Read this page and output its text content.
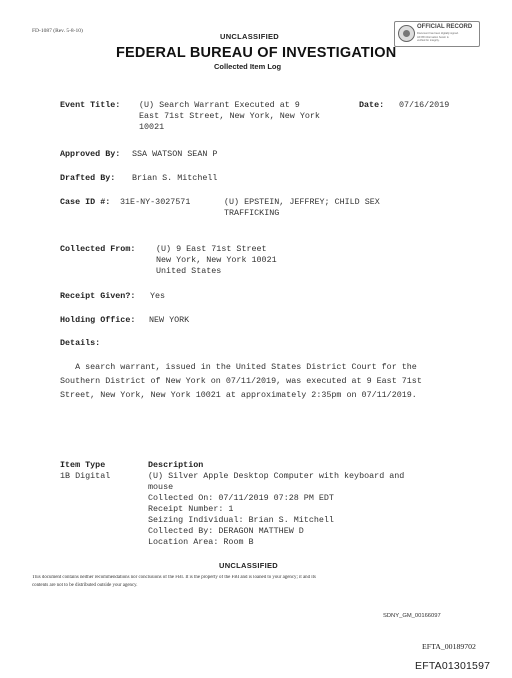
FD-1087 (Rev. 5-8-10)
UNCLASSIFIED
OFFICIAL RECORD
Document has been digitally signed.
All FBI information herein is
verified for integrity.
FEDERAL BUREAU OF INVESTIGATION
Collected Item Log
Event Title: (U) Search Warrant Executed at 9
East 71st Street, New York, New York
10021
Date: 07/16/2019
Approved By: SSA WATSON SEAN P
Drafted By: Brian S. Mitchell
Case ID #: 31E-NY-3027571	(U) EPSTEIN, JEFFREY; CHILD SEX
TRAFFICKING
Collected From: (U) 9 East 71st Street
New York, New York 10021
United States
Receipt Given?: Yes
Holding Office: NEW YORK
Details:
A search warrant, issued in the United States District Court for the
Southern District of New York on 07/11/2019, was executed at 9 East 71st
Street, New York, New York 10021 at approximately 2:35pm on 07/11/2019.
Item Type	Description
1B Digital	(U) Silver Apple Desktop Computer with keyboard and
mouse
Collected On: 07/11/2019 07:28 PM EDT
Receipt Number: 1
Seizing Individual: Brian S. Mitchell
Collected By: DERAGON MATTHEW D
Location Area: Room B
UNCLASSIFIED
This document contains neither recommendations nor conclusions of the FBI. It is the property of the FBI and is loaned to your agency; it and its
contents are not to be distributed outside your agency.
SDNY_GM_00166097
EFTA_00189702
EFTA01301597
